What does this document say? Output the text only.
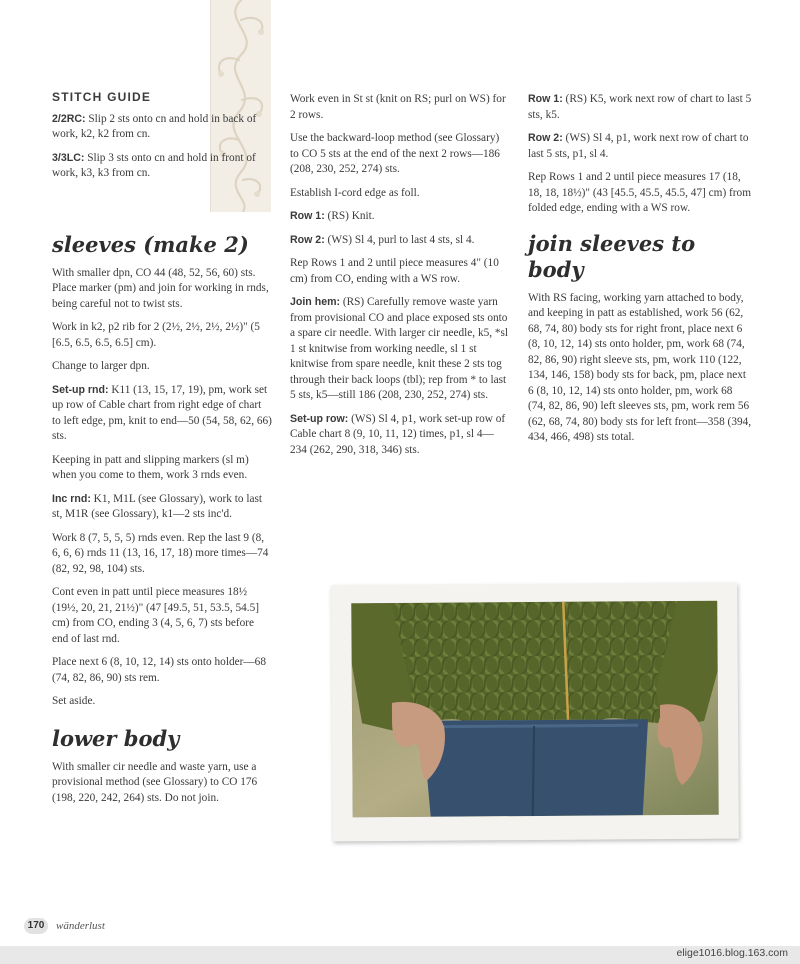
STITCH GUIDE

2/2RC: Slip 2 sts onto cn and hold in back of work, k2, k2 from cn.

3/3LC: Slip 3 sts onto cn and hold in front of work, k3, k3 from cn.

sleeves (make 2)

With smaller dpn, CO 44 (48, 52, 56, 60) sts. Place marker (pm) and join for working in rnds, being careful not to twist sts.

Work in k2, p2 rib for 2 (2½, 2½, 2½, 2½)" (5 [6.5, 6.5, 6.5, 6.5] cm).

Change to larger dpn.

Set-up rnd: K11 (13, 15, 17, 19), pm, work set up row of Cable chart from right edge of chart to left edge, pm, knit to end—50 (54, 58, 62, 66) sts.

Keeping in patt and slipping markers (sl m) when you come to them, work 3 rnds even.

Inc rnd: K1, M1L (see Glossary), work to last st, M1R (see Glossary), k1—2 sts inc'd.

Work 8 (7, 5, 5, 5) rnds even. Rep the last 9 (8, 6, 6, 6) rnds 11 (13, 16, 17, 18) more times—74 (82, 92, 98, 104) sts.

Cont even in patt until piece measures 18½ (19½, 20, 21, 21½)" (47 [49.5, 51, 53.5, 54.5] cm) from CO, ending 3 (4, 5, 6, 7) sts before end of last rnd.

Place next 6 (8, 10, 12, 14) sts onto holder—68 (74, 82, 86, 90) sts rem.

Set aside.

lower body

With smaller cir needle and waste yarn, use a provisional method (see Glossary) to CO 176 (198, 220, 242, 264) sts. Do not join.

Work even in St st (knit on RS; purl on WS) for 2 rows.

Use the backward-loop method (see Glossary) to CO 5 sts at the end of the next 2 rows—186 (208, 230, 252, 274) sts.

Establish I-cord edge as foll.

Row 1: (RS) Knit.

Row 2: (WS) Sl 4, purl to last 4 sts, sl 4.

Rep Rows 1 and 2 until piece measures 4" (10 cm) from CO, ending with a WS row.

Join hem: (RS) Carefully remove waste yarn from provisional CO and place exposed sts onto a spare cir needle. With larger cir needle, k5, *sl 1 st knitwise from working needle, sl 1 st knitwise from spare needle, knit these 2 sts tog through their back loops (tbl); rep from * to last 5 sts, k5—still 186 (208, 230, 252, 274) sts.

Set-up row: (WS) Sl 4, p1, work set-up row of Cable chart 8 (9, 10, 11, 12) times, p1, sl 4—234 (262, 290, 318, 346) sts.

Row 1: (RS) K5, work next row of chart to last 5 sts, k5.

Row 2: (WS) Sl 4, p1, work next row of chart to last 5 sts, p1, sl 4.

Rep Rows 1 and 2 until piece measures 17 (18, 18, 18, 18½)" (43 [45.5, 45.5, 45.5, 47] cm) from folded edge, ending with a WS row.

join sleeves to body

With RS facing, working yarn attached to body, and keeping in patt as established, work 56 (62, 68, 74, 80) body sts for right front, place next 6 (8, 10, 12, 14) sts onto holder, pm, work 68 (74, 82, 86, 90) right sleeve sts, pm, work 110 (122, 134, 146, 158) body sts for back, pm, place next 6 (8, 10, 12, 14) sts onto holder, pm, work 68 (74, 82, 86, 90) left sleeves sts, pm, work rem 56 (62, 68, 74, 80) body sts for left front—358 (394, 434, 466, 498) sts total.

170	wänderlust
elige1016.blog.163.com
